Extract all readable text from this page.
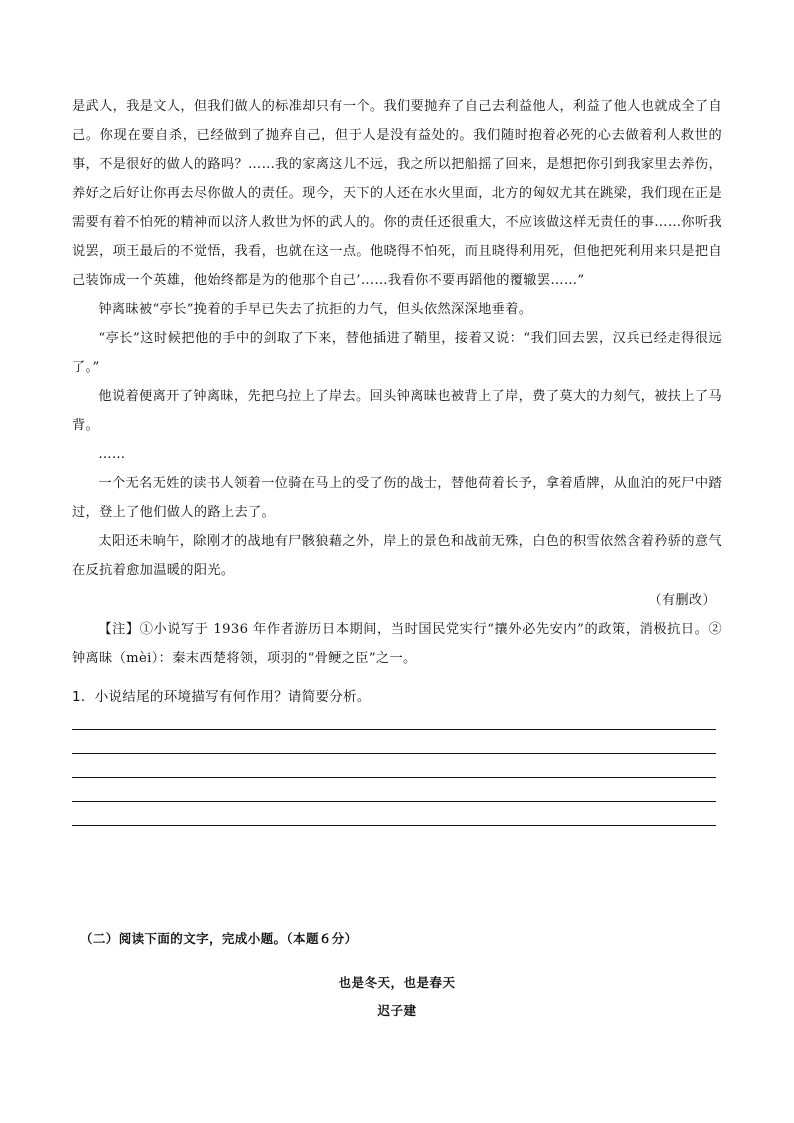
是武人，我是文人，但我们做人的标准却只有一个。我们要抛弃了自己去利益他人，利益了他人也就成全了自己。你现在要自杀，已经做到了抛弃自己，但于人是没有益处的。我们随时抱着必死的心去做着利人救世的事，不是很好的做人的路吗？……我的家离这儿不远，我之所以把船摇了回来，是想把你引到我家里去养伤，养好之后好让你再去尽你做人的责任。现今，天下的人还在水火里面，北方的匈奴尤其在跳梁，我们现在正是需要有着不怕死的精神而以济人救世为怀的武人的。你的责任还很重大，不应该做这样无责任的事……你听我说罢，项王最后的不觉悟，我看，也就在这一点。他晓得不怕死，而且晓得利用死，但他把死利用来只是把自己装饰成一个英雄，他始终都是为的他那个自己’……我看你不要再蹈他的覆辙罢……”

钟离昧被“亭长”挽着的手早已失去了抗拒的力气，但头依然深深地垂着。

“亭长”这时候把他的手中的剑取了下来，替他插进了鞘里，接着又说：“我们回去罢，汉兵已经走得很远了。”

他说着便离开了钟离昧，先把乌拉上了岸去。回头钟离昧也被背上了岸，费了莫大的力刻气，被扶上了马背。

……

一个无名无姓的读书人领着一位骑在马上的受了伤的战士，替他荷着长予，拿着盾牌，从血泊的死尸中踏过，登上了他们做人的路上去了。

太阳还未晌午，除刚才的战地有尸骸狼藉之外，岸上的景色和战前无殊，白色的积雪依然含着矜骄的意气在反抗着愈加温暖的阳光。

（有删改）

【注】①小说写于 1936 年作者游历日本期间，当时国民党实行“攘外必先安内”的政策，消极抗日。②钟离昧（mèi）：秦末西楚将领，项羽的“骨鲠之臣”之一。

1．小说结尾的环境描写有何作用？请简要分析。
（二）阅读下面的文字，完成小题。（本题６分）
也是冬天，也是春天
迟子建
